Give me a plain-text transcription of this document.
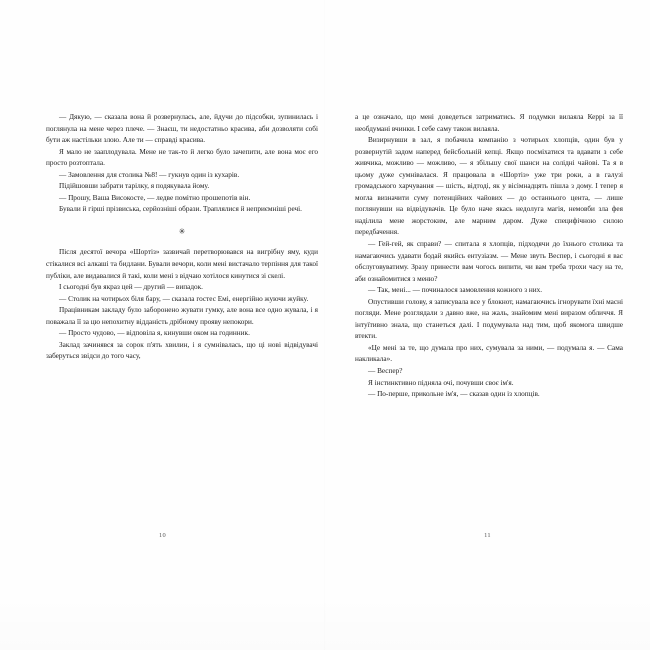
— Дякую, — сказала вона й розвернулась, але, йдучи до підсобки, зупинилась і поглянула на мене через плече. — Знаєш, ти недостатньо красива, аби дозволяти собі бути аж настільки злою. Але ти — справді красива.

Я мало не зааплодувала. Мене не так-то й легко було зачепити, але вона моє его просто розтоптала.

— Замовлення для столика №8! — гукнув один із кухарів.

Підійшовши забрати тарілку, я подякувала йому.

— Прошу, Ваша Високосте, — ледве помітно прошепотів він.

Бували й гірші прізвиська, серйозніші образи. Траплялися й неприємніші речі.

✳

Після десятої вечора «Шортіз» зазвичай перетворювався на вигрібну яму, куди стікалися всі алкаші та бидлани. Бували вечори, коли мені вистачало терпіння для такої публіки, але видавалися й такі, коли мені з відчаю хотілося кинутися зі скелі.

І сьогодні був якраз цей — другий — випадок.

— Столик на чотирьох біля бару, — сказала гостес Емі, енергійно жуючи жуйку.

Працівникам закладу було заборонено жувати гумку, але вона все одно жувала, і я поважала її за цю непохитну відданість дрібному прояву непокори.

— Просто чудово, — відповіла я, кинувши оком на годинник.

Заклад зачинявся за сорок п'ять хвилин, і я сумнівалась, що ці нові відвідувачі заберуться звідси до того часу,

10

а це означало, що мені доведеться затриматись. Я подумки вилаяла Керрі за її необдумані вчинки. І себе саму також вилаяла.

Визирнувши в зал, я побачила компанію з чотирьох хлопців, один був у розвернутій задом наперед бейсбольній кепці. Якщо посміхатися та вдавати з себе живчика, можливо — можливо, — я збільшу свої шанси на солідні чайові. Та я в цьому дуже сумнівалася. Я працювала в «Шортіз» уже три роки, а в галузі громадського харчування — шість, відтоді, як у вісімнадцять пішла з дому. І тепер я могла визначити суму потенційних чайових — до останнього цента, — лише поглянувши на відвідувачів. Це було наче якась недолуга магія, немовби зла фея наділила мене жорстоким, але марним даром. Дуже специфічною силою передбачення.

— Гей-гей, як справи? — спитала я хлопців, підходячи до їхнього столика та намагаючись удавати бодай якийсь ентузіазм. — Мене звуть Веспер, і сьогодні я вас обслуговуватиму. Зразу принести вам чогось випити, чи вам треба трохи часу на те, аби ознайомитися з меню?

— Так, мені... — починалося замовлення кожного з них.

Опустивши голову, я записувала все у блокнот, намагаючись ігнорувати їхні масні погляди. Мене розглядали з давно вже, на жаль, знайомим мені виразом обличчя. Я інтуїтивно знала, що станеться далі. І подумувала над тим, щоб якомога швидше втекти.

«Це мені за те, що думала про них, сумувала за ними, — подумала я. — Сама накликала».

— Веспер?

Я інстинктивно підняла очі, почувши своє ім'я.

— По-перше, прикольне ім'я, — сказав один із хлопців.

11
